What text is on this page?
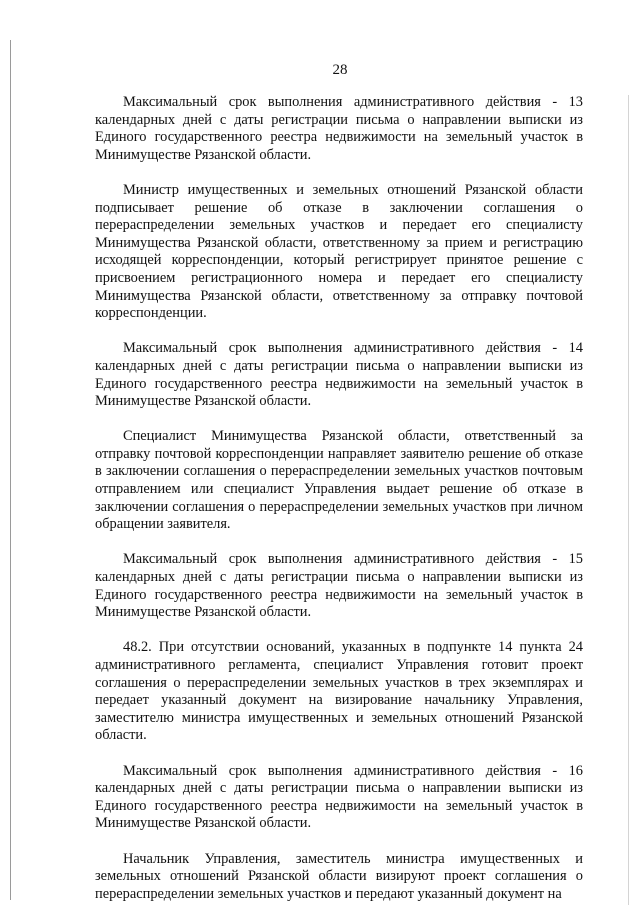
28

Максимальный срок выполнения административного действия - 13 календарных дней с даты регистрации письма о направлении выписки из Единого государственного реестра недвижимости на земельный участок в Минимуществе Рязанской области.

Министр имущественных и земельных отношений Рязанской области подписывает решение об отказе в заключении соглашения о перераспределении земельных участков и передает его специалисту Минимущества Рязанской области, ответственному за прием и регистрацию исходящей корреспонденции, который регистрирует принятое решение с присвоением регистрационного номера и передает его специалисту Минимущества Рязанской области, ответственному за отправку почтовой корреспонденции.

Максимальный срок выполнения административного действия - 14 календарных дней с даты регистрации письма о направлении выписки из Единого государственного реестра недвижимости на земельный участок в Минимуществе Рязанской области.

Специалист Минимущества Рязанской области, ответственный за отправку почтовой корреспонденции направляет заявителю решение об отказе в заключении соглашения о перераспределении земельных участков почтовым отправлением или специалист Управления выдает решение об отказе в заключении соглашения о перераспределении земельных участков при личном обращении заявителя.

Максимальный срок выполнения административного действия - 15 календарных дней с даты регистрации письма о направлении выписки из Единого государственного реестра недвижимости на земельный участок в Минимуществе Рязанской области.

48.2. При отсутствии оснований, указанных в подпункте 14 пункта 24 административного регламента, специалист Управления готовит проект соглашения о перераспределении земельных участков в трех экземплярах и передает указанный документ на визирование начальнику Управления, заместителю министра имущественных и земельных отношений Рязанской области.

Максимальный срок выполнения административного действия - 16 календарных дней с даты регистрации письма о направлении выписки из Единого государственного реестра недвижимости на земельный участок в Минимуществе Рязанской области.

Начальник Управления, заместитель министра имущественных и земельных отношений Рязанской области визируют проект соглашения о перераспределении земельных участков и передают указанный документ на
